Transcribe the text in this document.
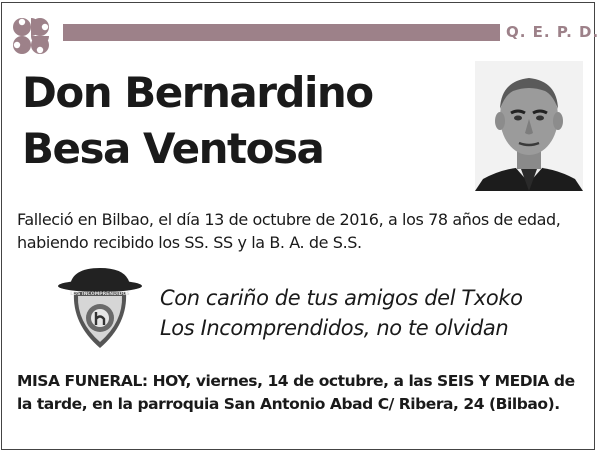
Q. E. P. D.
Don Bernardino
Besa Ventosa

Falleció en Bilbao, el día 13 de octubre de 2016, a los 78 años de edad, habiendo recibido los SS. SS y la B. A. de S.S.

LOS INCOMPRENDIDOS Con cariño de tus amigos del Txoko
Los Incomprendidos, no te olvidan

MISA FUNERAL: HOY, viernes, 14 de octubre, a las SEIS Y MEDIA de la tarde, en la parroquia San Antonio Abad C/ Ribera, 24 (Bilbao).
